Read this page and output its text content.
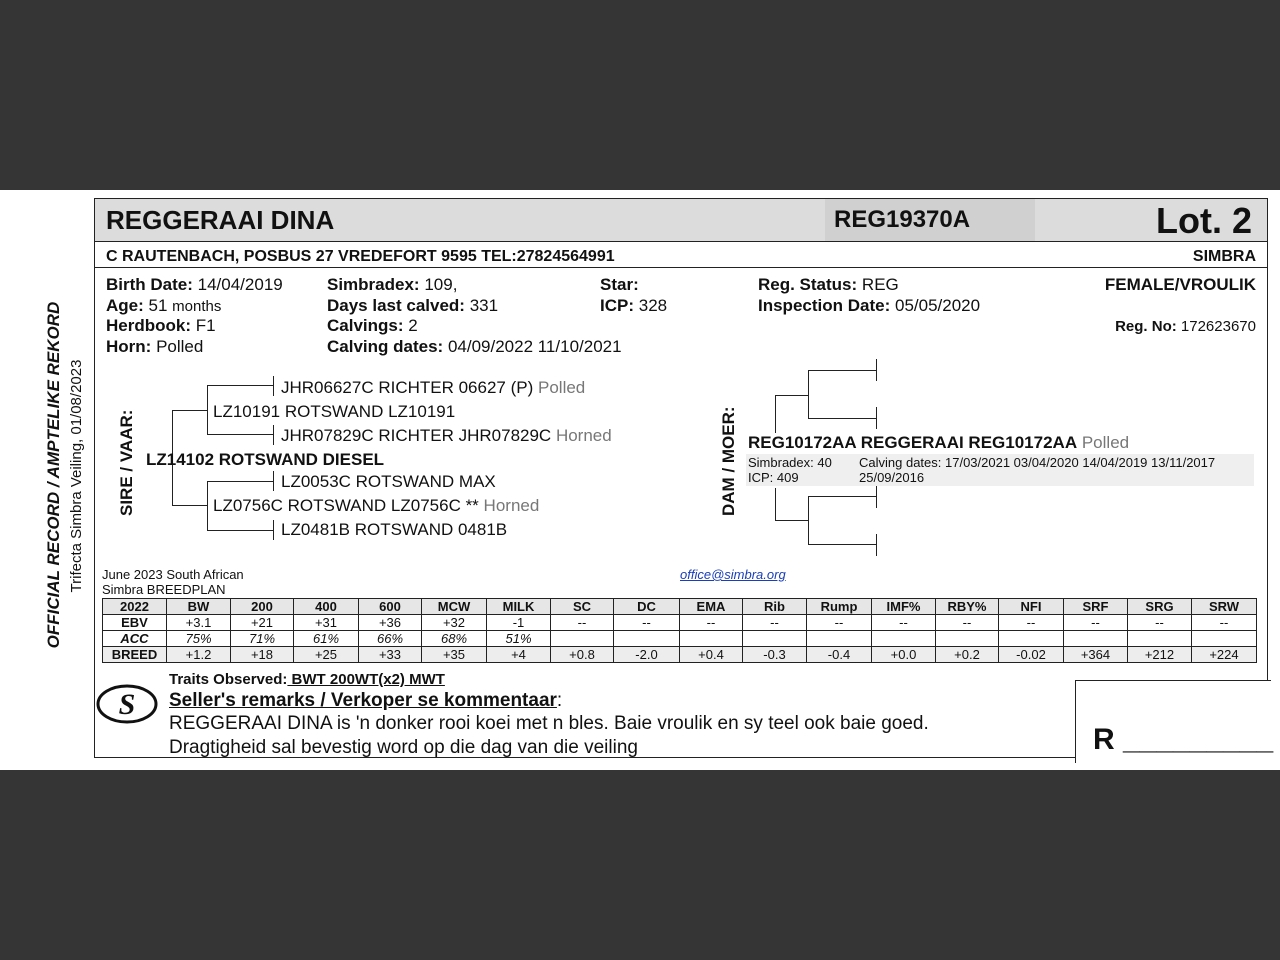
OFFICIAL RECORD / AMPTELIKE REKORD Trifecta Simbra Veiling, 01/08/2023
REGGERAAI DINA	REG19370A	Lot. 2
C RAUTENBACH, POSBUS 27 VREDEFORT 9595 TEL:27824564991	SIMBRA
Birth Date: 14/04/2019
Age: 51 months
Herdbook: F1
Horn: Polled
Simbradex: 109,
Days last calved: 331
Calvings: 2
Calving dates: 04/09/2022 11/10/2021
Star:
ICP: 328
Reg. Status: REG
Inspection Date: 05/05/2020
FEMALE/VROULIK
Reg. No: 172623670
SIRE / VAAR:
JHR06627C RICHTER 06627 (P) Polled
LZ10191 ROTSWAND LZ10191
JHR07829C RICHTER JHR07829C Horned
LZ14102 ROTSWAND DIESEL
LZ0053C ROTSWAND MAX
LZ0756C ROTSWAND LZ0756C ** Horned
LZ0481B ROTSWAND 0481B
DAM / MOER: REG10172AA REGGERAAI REG10172AA Polled
Simbradex: 40
ICP: 409
Calving dates: 17/03/2021 03/04/2020 14/04/2019 13/11/2017
25/09/2016
June 2023 South African
Simbra BREEDPLAN
office@simbra.org
2022	BW	200	400	600	MCW	MILK	SC	DC	EMA	Rib	Rump	IMF%	RBY%	NFI	SRF	SRG	SRW
EBV	+3.1	+21	+31	+36	+32	-1	--	--	--	--	--	--	--	--	--	--	--
ACC	75%	71%	61%	66%	68%	51%											
BREED	+1.2	+18	+25	+33	+35	+4	+0.8	-2.0	+0.4	-0.3	-0.4	+0.0	+0.2	-0.02	+364	+212	+224
S
Traits Observed: BWT 200WT(x2) MWT
Seller's remarks / Verkoper se kommentaar:
REGGERAAI DINA is 'n donker rooi koei met n bles. Baie vroulik en sy teel ook baie goed.
Dragtigheid sal bevestig word op die dag van die veiling	R _________
